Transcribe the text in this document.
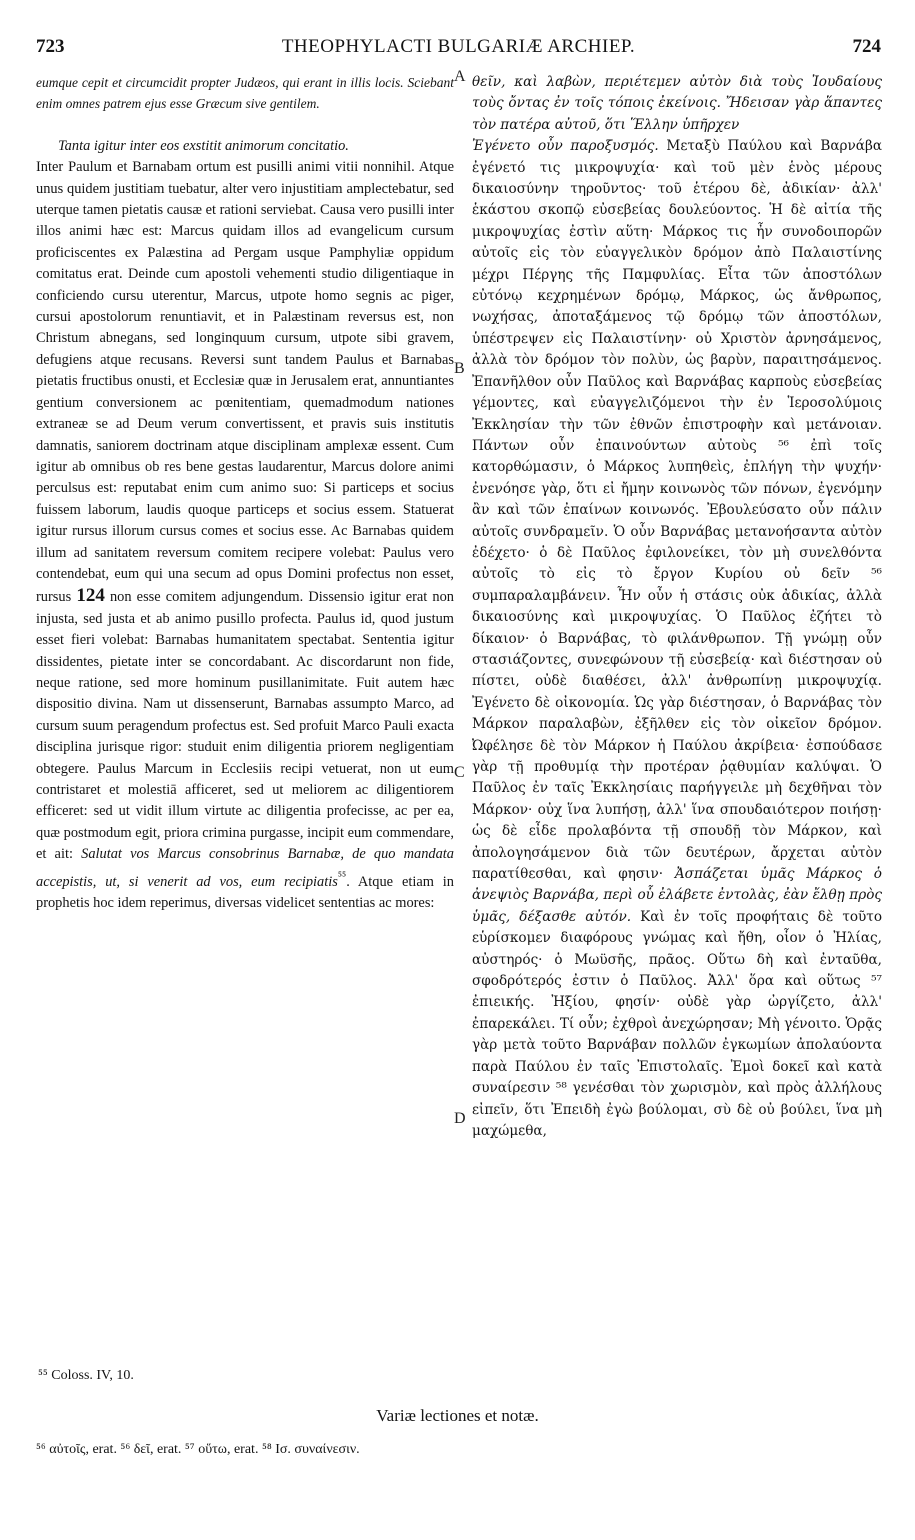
723	THEOPHYLACTI BULGARIÆ ARCHIEP.	724
A
B
C
D

eumque cepit et circumcidit propter Judæos, qui erant in illis locis. Sciebant enim omnes patrem ejus esse Græcum sive gentilem.

Tanta igitur inter eos exstitit animorum concitatio.

Inter Paulum et Barnabam ortum est pusilli animi vitii nonnihil. Atque unus quidem justitiam tuebatur, alter vero injustitiam amplectebatur, sed uterque tamen pietatis causæ et rationi serviebat. Causa vero pusilli inter illos animi hæc est: Marcus quidam illos ad evangelicum cursum proficiscentes ex Palæstina ad Pergam usque Pamphyliæ oppidum comitatus erat. Deinde cum apostoli vehementi studio diligentiaque in conficiendo cursu uterentur, Marcus, utpote homo segnis ac piger, cursui apostolorum renuntiavit, et in Palæstinam reversus est, non Christum abnegans, sed longinquum cursum, utpote sibi gravem, defugiens atque recusans. Reversi sunt tandem Paulus et Barnabas pietatis fructibus onusti, et Ecclesiæ quæ in Jerusalem erat, annuntiantes gentium conversionem ac pœnitentiam, quemadmodum nationes extraneæ se ad Deum verum convertissent, et pravis suis institutis damnatis, saniorem doctrinam atque disciplinam amplexæ essent. Cum igitur ab omnibus ob res bene gestas laudarentur, Marcus dolore animi perculsus est: reputabat enim cum animo suo: Si particeps et socius fuissem laborum, laudis quoque particeps et socius essem. Statuerat igitur rursus illorum cursus comes et socius esse. Ac Barnabas quidem illum ad sanitatem reversum comitem recipere volebat: Paulus vero contendebat, eum qui una secum ad opus Domini profectus non esset, rursus 124 non esse comitem adjungendum. Dissensio igitur erat non injusta, sed justa et ab animo pusillo profecta. Paulus id, quod justum esset fieri volebat: Barnabas humanitatem spectabat. Sententia igitur dissidentes, pietate inter se concordabant. Ac discordarunt non fide, neque ratione, sed more hominum pusillanimitate. Fuit autem hæc dispositio divina. Nam ut dissenserunt, Barnabas assumpto Marco, ad cursum suum peragendum profectus est. Sed profuit Marco Pauli exacta disciplina jurisque rigor: studuit enim diligentia priorem negligentiam obtegere. Paulus Marcum in Ecclesiis recipi vetuerat, non ut eum contristaret et molestiā afficeret, sed ut meliorem ac diligentiorem efficeret: sed ut vidit illum virtute ac diligentia profecisse, ac per ea, quæ postmodum egit, priora crimina purgasse, incipit eum commendare, et ait: Salutat vos Marcus consobrinus Barnabæ, de quo mandata accepistis, ut, si venerit ad vos, eum recipiatis$^{^{55}}$. Atque etiam in prophetis hoc idem reperimus, diversas videlicet sententias ac mores:

θεῖν, καὶ λαβὼν, περιέτεμεν αὐτὸν διὰ τοὺς Ἰουδαίους τοὺς ὄντας ἐν τοῖς τόποις ἐκείνοις. Ἤδεισαν γὰρ ἅπαντες τὸν πατέρα αὐτοῦ, ὅτι Ἕλλην ὑπῆρχεν

Ἐγένετο οὖν παροξυσμός. Μεταξὺ Παύλου καὶ Βαρνάβα ἐγένετό τις μικροψυχία· καὶ τοῦ μὲν ἑνὸς μέρους δικαιοσύνην τηροῦντος· τοῦ ἑτέρου δὲ, ἀδικίαν· ἀλλ' ἑκάστου σκοπῷ εὐσεβείας δουλεύοντος. Ἡ δὲ αἰτία τῆς μικροψυχίας ἐστὶν αὕτη· Μάρκος τις ἦν συνοδοιπορῶν αὐτοῖς εἰς τὸν εὐαγγελικὸν δρόμον ἀπὸ Παλαιστίνης μέχρι Πέργης τῆς Παμφυλίας. Εἶτα τῶν ἀποστόλων εὐτόνῳ κεχρημένων δρόμῳ, Μάρκος, ὡς ἄνθρωπος, νωχήσας, ἀποταξάμενος τῷ δρόμῳ τῶν ἀποστόλων, ὑπέστρεψεν εἰς Παλαιστίνην· οὐ Χριστὸν ἀρνησάμενος, ἀλλὰ τὸν δρόμον τὸν πολὺν, ὡς βαρὺν, παραιτησάμενος. Ἐπανῆλθον οὖν Παῦλος καὶ Βαρνάβας καρποὺς εὐσεβείας γέμοντες, καὶ εὐαγγελιζόμενοι τὴν ἐν Ἱεροσολύμοις Ἐκκλησίαν τὴν τῶν ἐθνῶν ἐπιστροφὴν καὶ μετάνοιαν. Πάντων οὖν ἐπαινούντων αὐτοὺς ⁵⁶ ἐπὶ τοῖς κατορθώμασιν, ὁ Μάρκος λυπηθεὶς, ἐπλήγη τὴν ψυχήν· ἐνενόησε γὰρ, ὅτι εἰ ἤμην κοινωνὸς τῶν πόνων, ἐγενόμην ἂν καὶ τῶν ἐπαίνων κοινωνός. Ἐβουλεύσατο οὖν πάλιν αὐτοῖς συνδραμεῖν. Ὁ οὖν Βαρνάβας μετανοήσαντα αὐτὸν ἐδέχετο· ὁ δὲ Παῦλος ἐφιλονείκει, τὸν μὴ συνελθόντα αὐτοῖς τὸ εἰς τὸ ἔργον Κυρίου οὐ δεῖν ⁵⁶ συμπαραλαμβάνειν. Ἦν οὖν ἡ στάσις οὐκ ἀδικίας, ἀλλὰ δικαιοσύνης καὶ μικροψυχίας. Ὁ Παῦλος ἐζήτει τὸ δίκαιον· ὁ Βαρνάβας, τὸ φιλάνθρωπον. Τῇ γνώμῃ οὖν στασιάζοντες, συνεφώνουν τῇ εὐσεβείᾳ· καὶ διέστησαν οὐ πίστει, οὐδὲ διαθέσει, ἀλλ' ἀνθρωπίνῃ μικροψυχίᾳ. Ἐγένετο δὲ οἰκονομία. Ὡς γὰρ διέστησαν, ὁ Βαρνάβας τὸν Μάρκον παραλαβὼν, ἐξῆλθεν εἰς τὸν οἰκεῖον δρόμον. Ὠφέλησε δὲ τὸν Μάρκον ἡ Παύλου ἀκρίβεια· ἐσπούδασε γὰρ τῇ προθυμίᾳ τὴν προτέραν ῥᾳθυμίαν καλύψαι. Ὁ Παῦλος ἐν ταῖς Ἐκκλησίαις παρήγγειλε μὴ δεχθῆναι τὸν Μάρκον· οὐχ ἵνα λυπήσῃ, ἀλλ' ἵνα σπουδαιότερον ποιήσῃ· ὡς δὲ εἶδε προλαβόντα τῇ σπουδῇ τὸν Μάρκον, καὶ ἀπολογησάμενον διὰ τῶν δευτέρων, ἄρχεται αὐτὸν παρατίθεσθαι, καὶ φησιν· Ἀσπάζεται ὑμᾶς Μάρκος ὁ ἀνεψιὸς Βαρνάβα, περὶ οὗ ἐλάβετε ἐντολὰς, ἐὰν ἔλθῃ πρὸς ὑμᾶς, δέξασθε αὐτόν. Καὶ ἐν τοῖς προφήταις δὲ τοῦτο εὑρίσκομεν διαφόρους γνώμας καὶ ἤθη, οἷον ὁ Ἠλίας, αὐστηρός· ὁ Μωϋσῆς, πρᾶος. Οὕτω δὴ καὶ ἐνταῦθα, σφοδρότερός ἐστιν ὁ Παῦλος. Ἀλλ' ὅρα καὶ οὕτως ⁵⁷ ἐπιεικής. Ἠξίου, φησίν· οὐδὲ γὰρ ὠργίζετο, ἀλλ' ἐπαρεκάλει. Τί οὖν; ἐχθροὶ ἀνεχώρησαν; Μὴ γένοιτο. Ὁρᾷς γὰρ μετὰ τοῦτο Βαρνάβαν πολλῶν ἐγκωμίων ἀπολαύοντα παρὰ Παύλου ἐν ταῖς Ἐπιστολαῖς. Ἐμοὶ δοκεῖ καὶ κατὰ συναίρεσιν ⁵⁸ γενέσθαι τὸν χωρισμὸν, καὶ πρὸς ἀλλήλους εἰπεῖν, ὅτι Ἐπειδὴ ἐγὼ βούλομαι, σὺ δὲ οὐ βούλει, ἵνα μὴ μαχώμεθα,

⁵⁵ Coloss. IV, 10.
Variæ lectiones et notæ.
⁵⁶ αὐτοῖς, erat. ⁵⁶ δεῖ, erat. ⁵⁷ οὕτω, erat. ⁵⁸ Ισ. συναίνεσιν.
